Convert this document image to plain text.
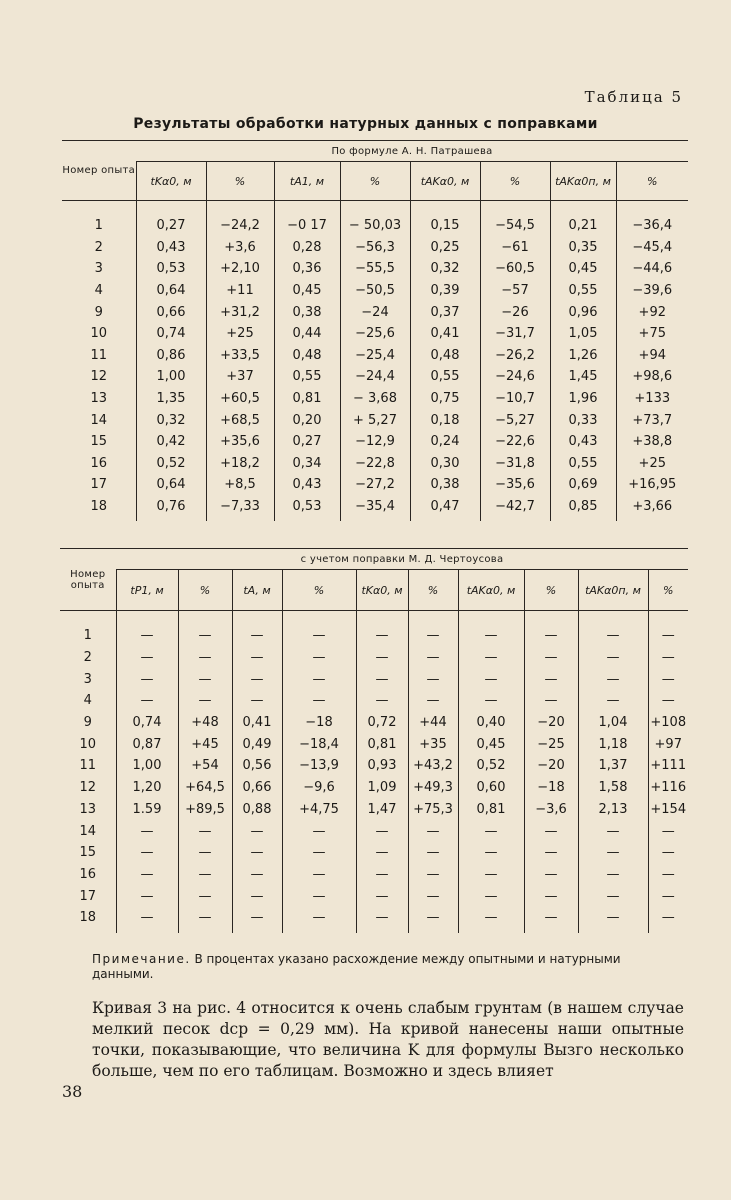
Таблица 5
Результаты обработки натурных данных с поправками
Номер опыта	По формуле А. Н. Патрашева							
	tKα0, м	%	tA1, м	%	tAKα0, м	%	tAKα0п, м	%
1	0,27	−24,2	−0 17	− 50,03	0,15	−54,5	0,21	−36,4
2	0,43	+3,6	0,28	−56,3	0,25	−61	0,35	−45,4
3	0,53	+2,10	0,36	−55,5	0,32	−60,5	0,45	−44,6
4	0,64	+11	0,45	−50,5	0,39	−57	0,55	−39,6
9	0,66	+31,2	0,38	−24	0,37	−26	0,96	+92
10	0,74	+25	0,44	−25,6	0,41	−31,7	1,05	+75
11	0,86	+33,5	0,48	−25,4	0,48	−26,2	1,26	+94
12	1,00	+37	0,55	−24,4	0,55	−24,6	1,45	+98,6
13	1,35	+60,5	0,81	− 3,68	0,75	−10,7	1,96	+133
14	0,32	+68,5	0,20	+ 5,27	0,18	−5,27	0,33	+73,7
15	0,42	+35,6	0,27	−12,9	0,24	−22,6	0,43	+38,8
16	0,52	+18,2	0,34	−22,8	0,30	−31,8	0,55	+25
17	0,64	+8,5	0,43	−27,2	0,38	−35,6	0,69	+16,95
18	0,76	−7,33	0,53	−35,4	0,47	−42,7	0,85	+3,66
Номер опыта	с учетом поправки М. Д. Чертоусова									
	tP1, м	%	tA, м	%	tKα0, м	%	tAKα0, м	%	tAKα0п, м	%
1	—	—	—	—	—	—	—	—	—	—
2	—	—	—	—	—	—	—	—	—	—
3	—	—	—	—	—	—	—	—	—	—
4	—	—	—	—	—	—	—	—	—	—
9	0,74	+48	0,41	−18	0,72	+44	0,40	−20	1,04	+108
10	0,87	+45	0,49	−18,4	0,81	+35	0,45	−25	1,18	+97
11	1,00	+54	0,56	−13,9	0,93	+43,2	0,52	−20	1,37	+111
12	1,20	+64,5	0,66	−9,6	1,09	+49,3	0,60	−18	1,58	+116
13	1.59	+89,5	0,88	+4,75	1,47	+75,3	0,81	−3,6	2,13	+154
14	—	—	—	—	—	—	—	—	—	—
15	—	—	—	—	—	—	—	—	—	—
16	—	—	—	—	—	—	—	—	—	—
17	—	—	—	—	—	—	—	—	—	—
18	—	—	—	—	—	—	—	—	—	—
Примечание. В процентах указано расхождение между опытными и натурными данными.
Кривая 3 на рис. 4 относится к очень слабым грунтам (в нашем случае мелкий песок dср = 0,29 мм). На кривой нанесены наши опытные точки, показывающие, что величина K для формулы Вызго несколько больше, чем по его таблицам. Возможно и здесь влияет
38
